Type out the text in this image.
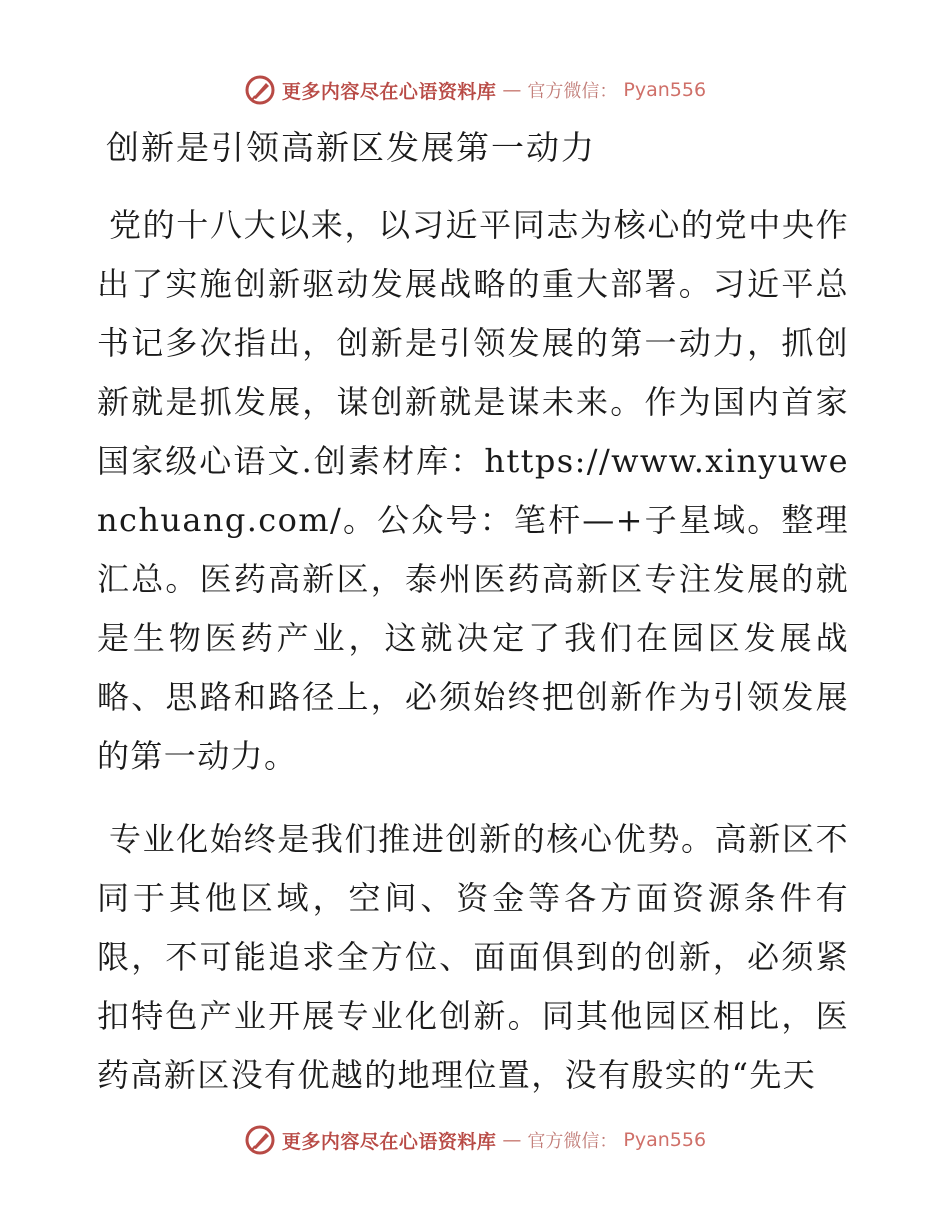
更多内容尽在心语资料库 — 官方微信： Pyan556
创新是引领高新区发展第一动力

党的十八大以来，以习近平同志为核心的党中央作出了实施创新驱动发展战略的重大部署。习近平总书记多次指出，创新是引领发展的第一动力，抓创新就是抓发展，谋创新就是谋未来。作为国内首家国家级心语文.创素材库：https://www.xinyuwenchuang.com/。公众号：笔杆—+子星域。整理汇总。医药高新区，泰州医药高新区专注发展的就是生物医药产业，这就决定了我们在园区发展战略、思路和路径上，必须始终把创新作为引领发展的第一动力。

专业化始终是我们推进创新的核心优势。高新区不同于其他区域，空间、资金等各方面资源条件有限，不可能追求全方位、面面俱到的创新，必须紧扣特色产业开展专业化创新。同其他园区相比，医药高新区没有优越的地理位置，没有殷实的“先天

更多内容尽在心语资料库 — 官方微信： Pyan556
